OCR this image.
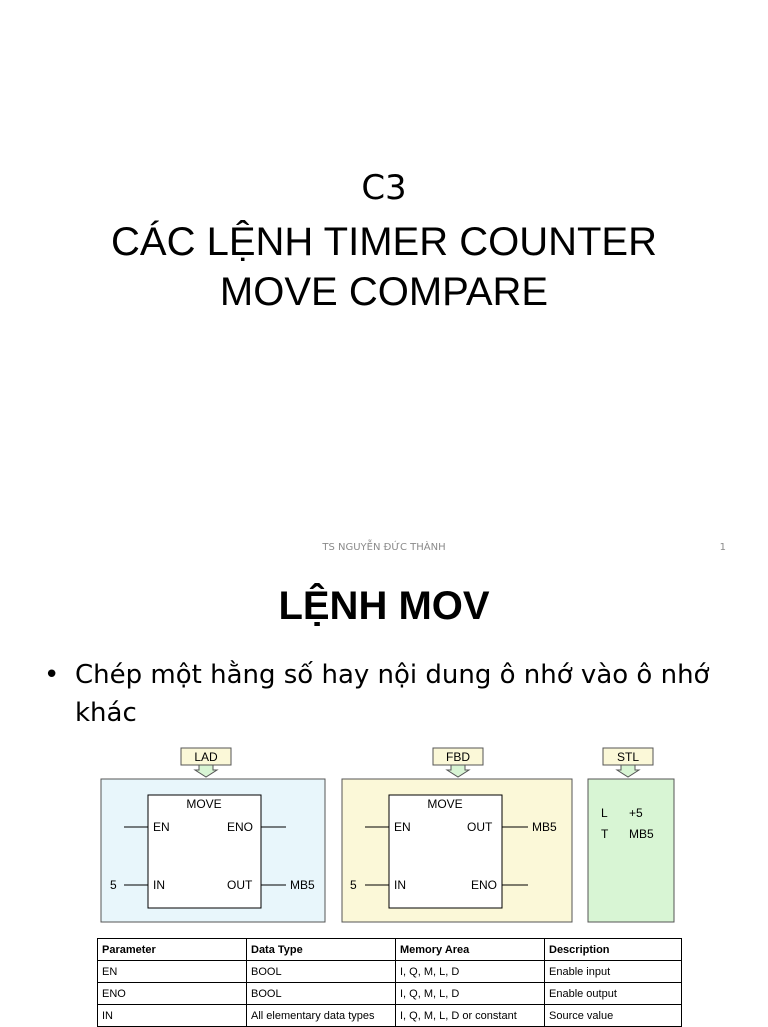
C3
CÁC LỆNH TIMER COUNTER
MOVE COMPARE
TS NGUYỄN ĐỨC THÀNH	1
LỆNH MOV
• Chép một hằng số hay nội dung ô nhớ vào ô nhớ khác
LAD
MOVE
EN	ENO
5	IN	OUT	MB5
FBD
MOVE
EN	OUT	MB5
5	IN	ENO
STL
L +5
T MB5
Parameter	Data Type	Memory Area	Description
EN	BOOL	I, Q, M, L, D	Enable input
ENO	BOOL	I, Q, M, L, D	Enable output
IN	All elementary data types	I, Q, M, L, D or constant	Source value
